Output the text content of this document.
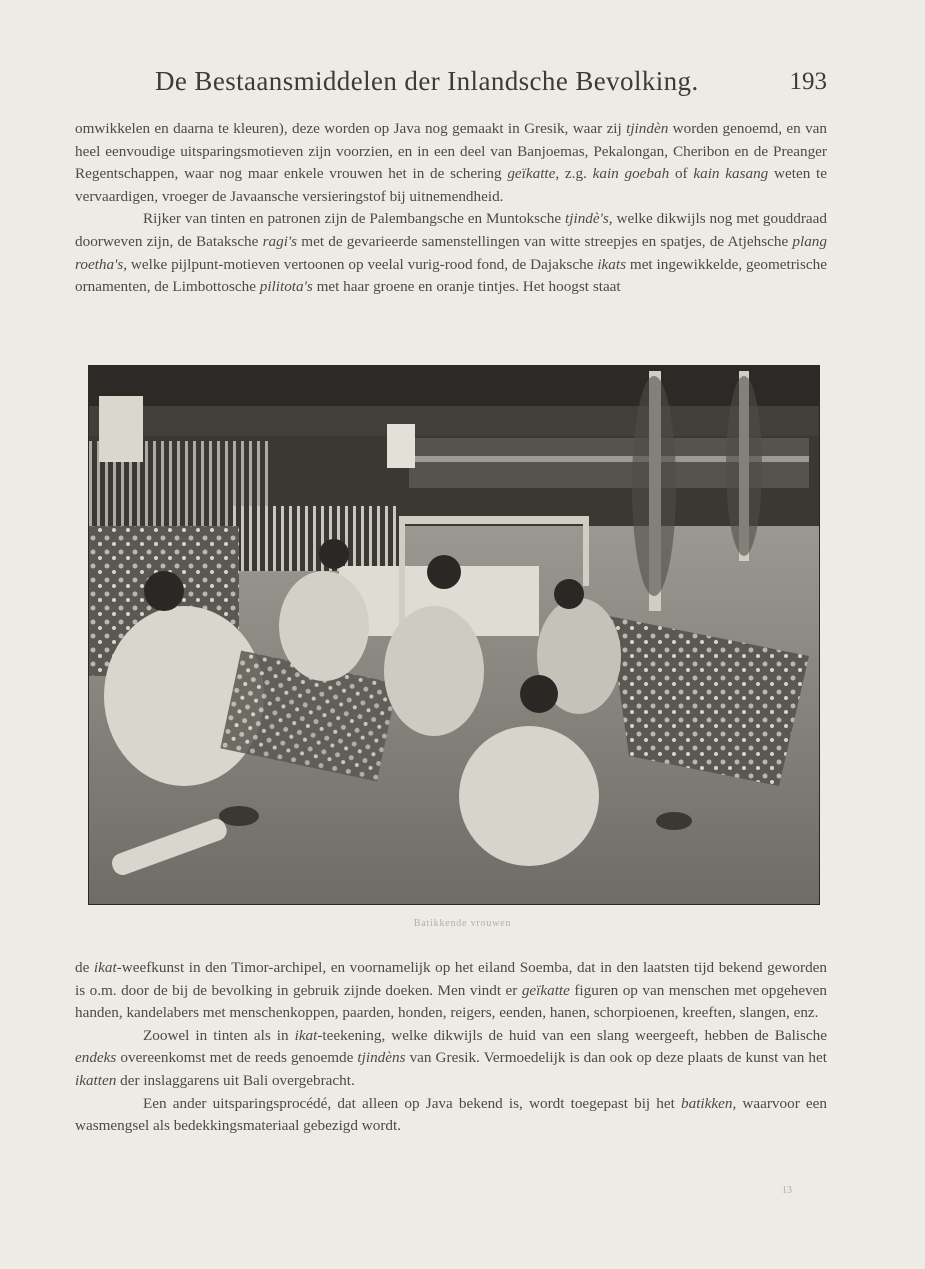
De Bestaansmiddelen der Inlandsche Bevolking.	193
omwikkelen en daarna te kleuren), deze worden op Java nog gemaakt in Gresik, waar zij tjindèn worden genoemd, en van heel eenvoudige uitsparingsmotieven zijn voorzien, en in een deel van Banjoemas, Pekalongan, Cheribon en de Preanger Regentschappen, waar nog maar enkele vrouwen het in de schering geïkatte, z.g. kain goebah of kain kasang weten te vervaardigen, vroeger de Javaansche versieringstof bij uitnemendheid.
Rijker van tinten en patronen zijn de Palembangsche en Muntoksche tjindè's, welke dikwijls nog met gouddraad doorweven zijn, de Bataksche ragi's met de gevarieerde samenstellingen van witte streepjes en spatjes, de Atjehsche plang roetha's, welke pijlpunt-motieven vertoonen op veelal vurig-rood fond, de Dajaksche ikats met ingewikkelde, geometrische ornamenten, de Limbottosche pilitota's met haar groene en oranje tintjes. Het hoogst staat
Batikkende vrouwen
de ikat-weefkunst in den Timor-archipel, en voornamelijk op het eiland Soemba, dat in den laatsten tijd bekend geworden is o.m. door de bij de bevolking in gebruik zijnde doeken. Men vindt er geïkatte figuren op van menschen met opgeheven handen, kandelabers met menschenkoppen, paarden, honden, reigers, eenden, hanen, schorpioenen, kreeften, slangen, enz.
Zoowel in tinten als in ikat-teekening, welke dikwijls de huid van een slang weergeeft, hebben de Balische endeks overeenkomst met de reeds genoemde tjindèns van Gresik. Vermoedelijk is dan ook op deze plaats de kunst van het ikatten der inslaggarens uit Bali overgebracht.
Een ander uitsparingsprocédé, dat alleen op Java bekend is, wordt toegepast bij het batikken, waarvoor een wasmengsel als bedekkingsmateriaal gebezigd wordt.
13
